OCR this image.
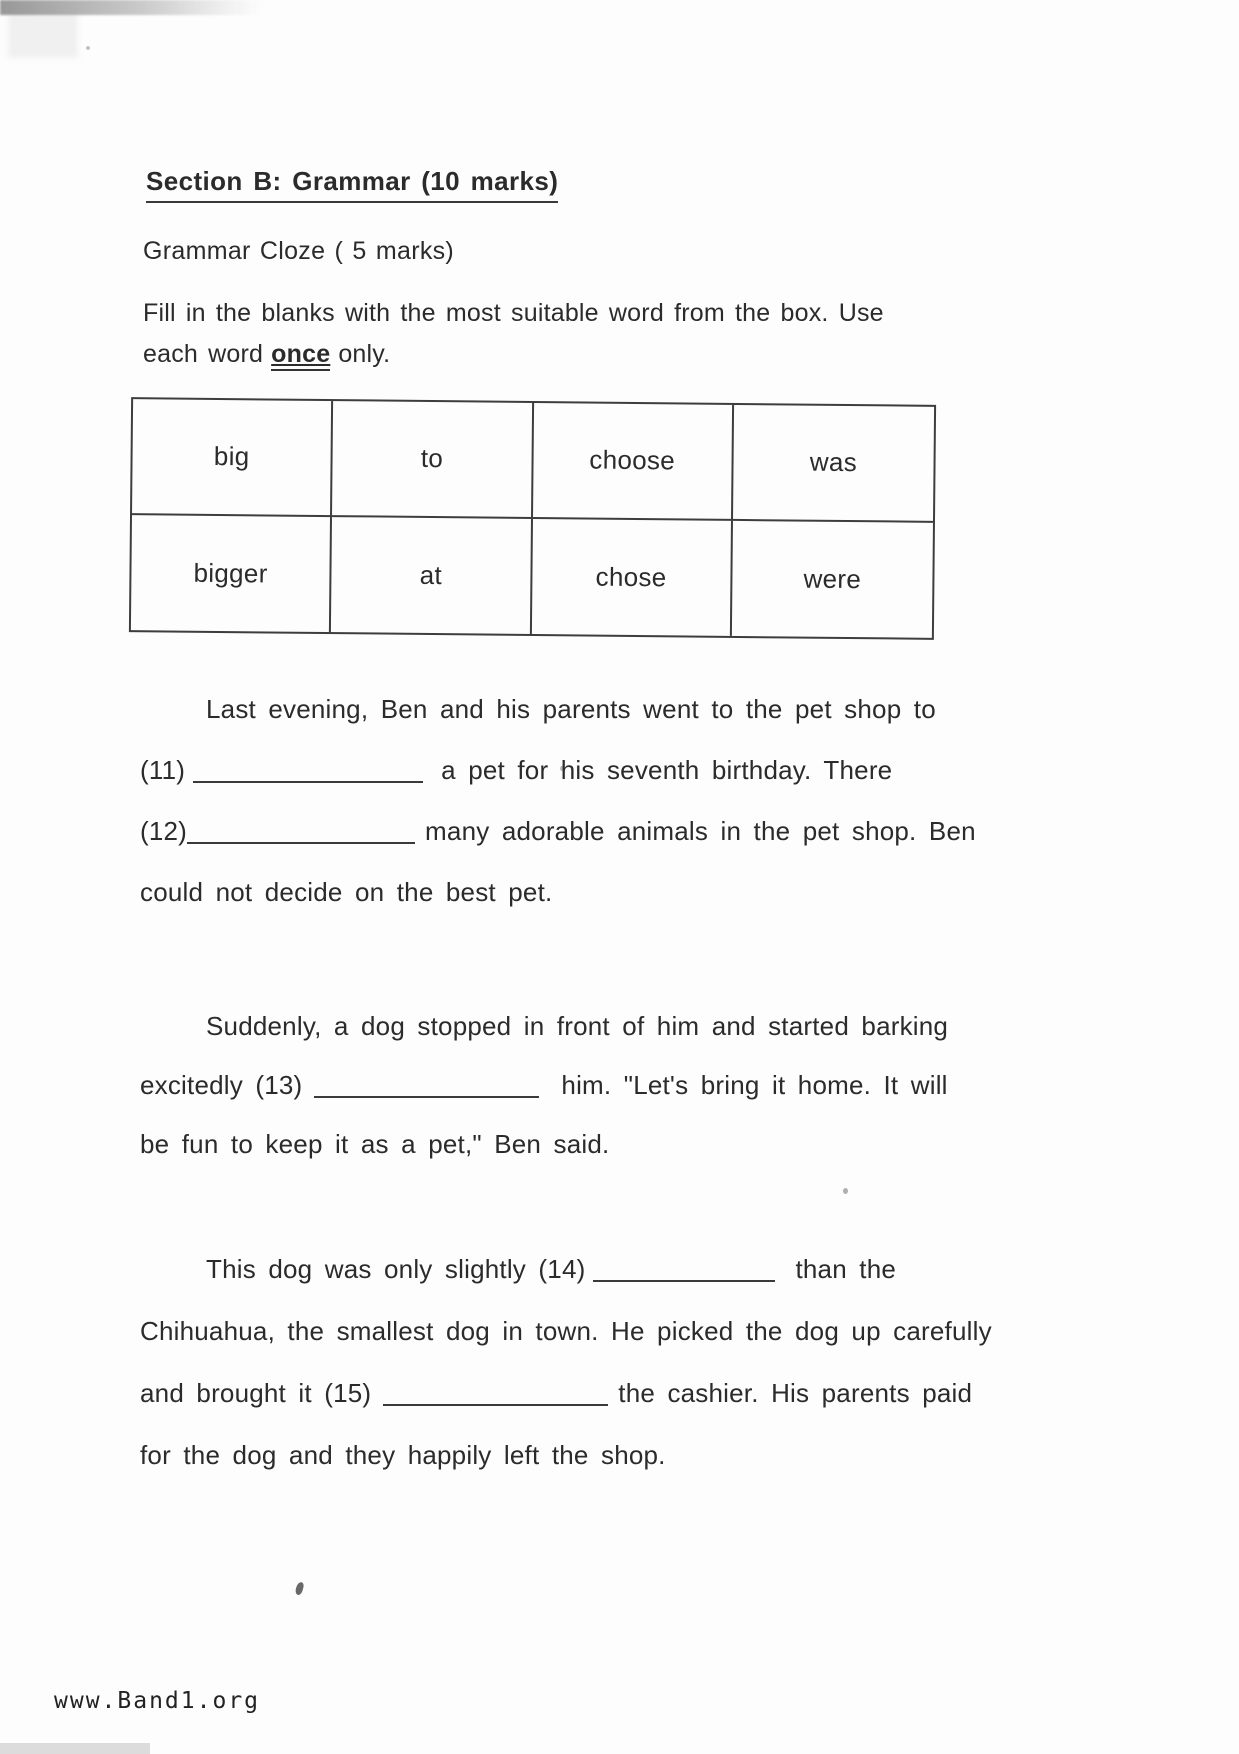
Section B: Grammar (10 marks)
Grammar Cloze ( 5 marks)
Fill in the blanks with the most suitable word from the box. Use
each word once only.
big	to	choose	was
bigger	at	chose	were
Last evening, Ben and his parents went to the pet shop to
(11)	a pet for his seventh birthday. There
(12)	many adorable animals in the pet shop. Ben
could not decide on the best pet.
Suddenly, a dog stopped in front of him and started barking
excitedly (13)	him. "Let's bring it home. It will
be fun to keep it as a pet," Ben said.
This dog was only slightly (14)	than the
Chihuahua, the smallest dog in town. He picked the dog up carefully
and brought it (15)	the cashier. His parents paid
for the dog and they happily left the shop.
www.Band1.org
